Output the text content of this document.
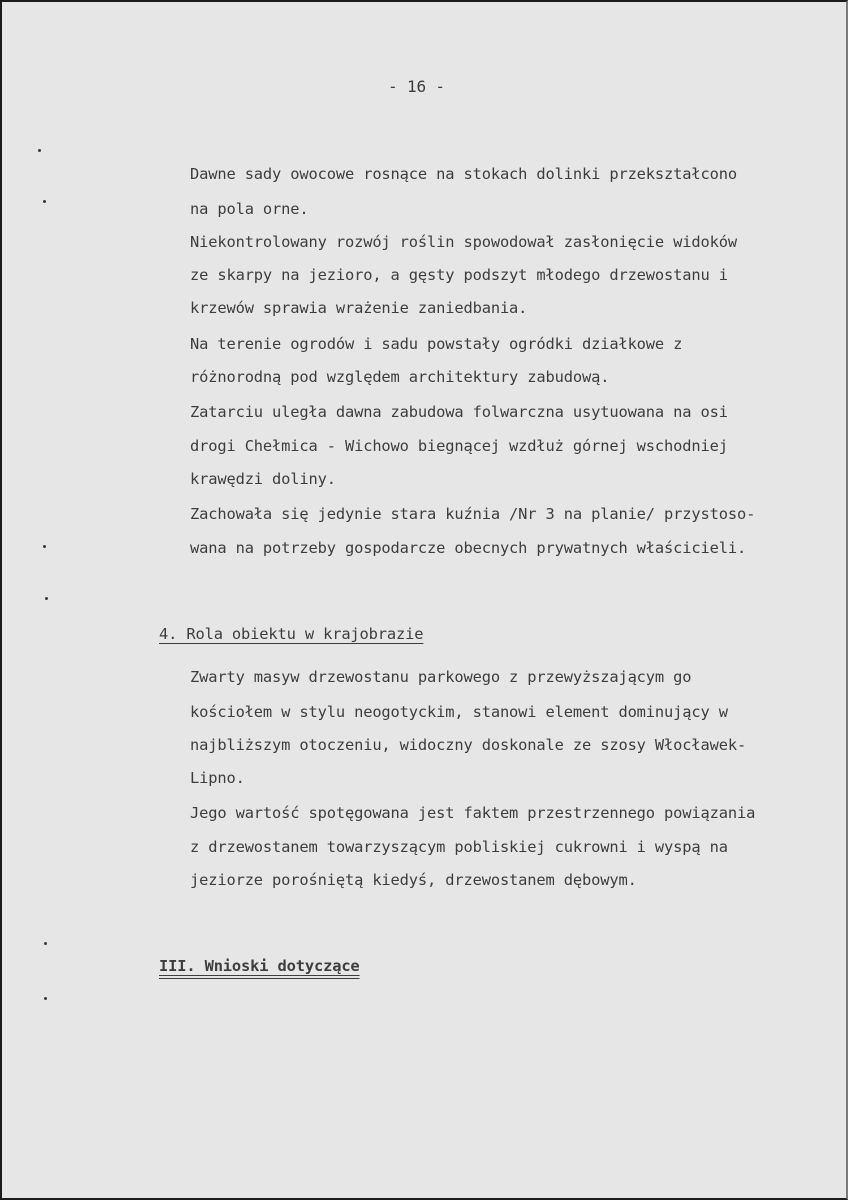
- 16 -
Dawne sady owocowe rosnące na stokach dolinki przekształcono
na pola orne.
Niekontrolowany rozwój roślin spowodował zasłonięcie widoków
ze skarpy na jezioro, a gęsty podszyt młodego drzewostanu i
krzewów sprawia wrażenie zaniedbania.
Na terenie ogrodów i sadu powstały ogródki działkowe z
różnorodną pod względem architektury zabudową.
Zatarciu uległa dawna zabudowa folwarczna usytuowana na osi
drogi Chełmica - Wichowo biegnącej wzdłuż górnej wschodniej
krawędzi doliny.
Zachowała się jedynie stara kuźnia /Nr 3 na planie/ przystoso-
wana na potrzeby gospodarcze obecnych prywatnych właścicieli.
4. Rola obiektu w krajobrazie
Zwarty masyw drzewostanu parkowego z przewyższającym go
kościołem w stylu neogotyckim, stanowi element dominujący w
najbliższym otoczeniu, widoczny doskonale ze szosy Włocławek-
Lipno.
Jego wartość spotęgowana jest faktem przestrzennego powiązania
z drzewostanem towarzyszącym pobliskiej cukrowni i wyspą na
jeziorze porośniętą kiedyś, drzewostanem dębowym.
III. Wnioski dotyczące
